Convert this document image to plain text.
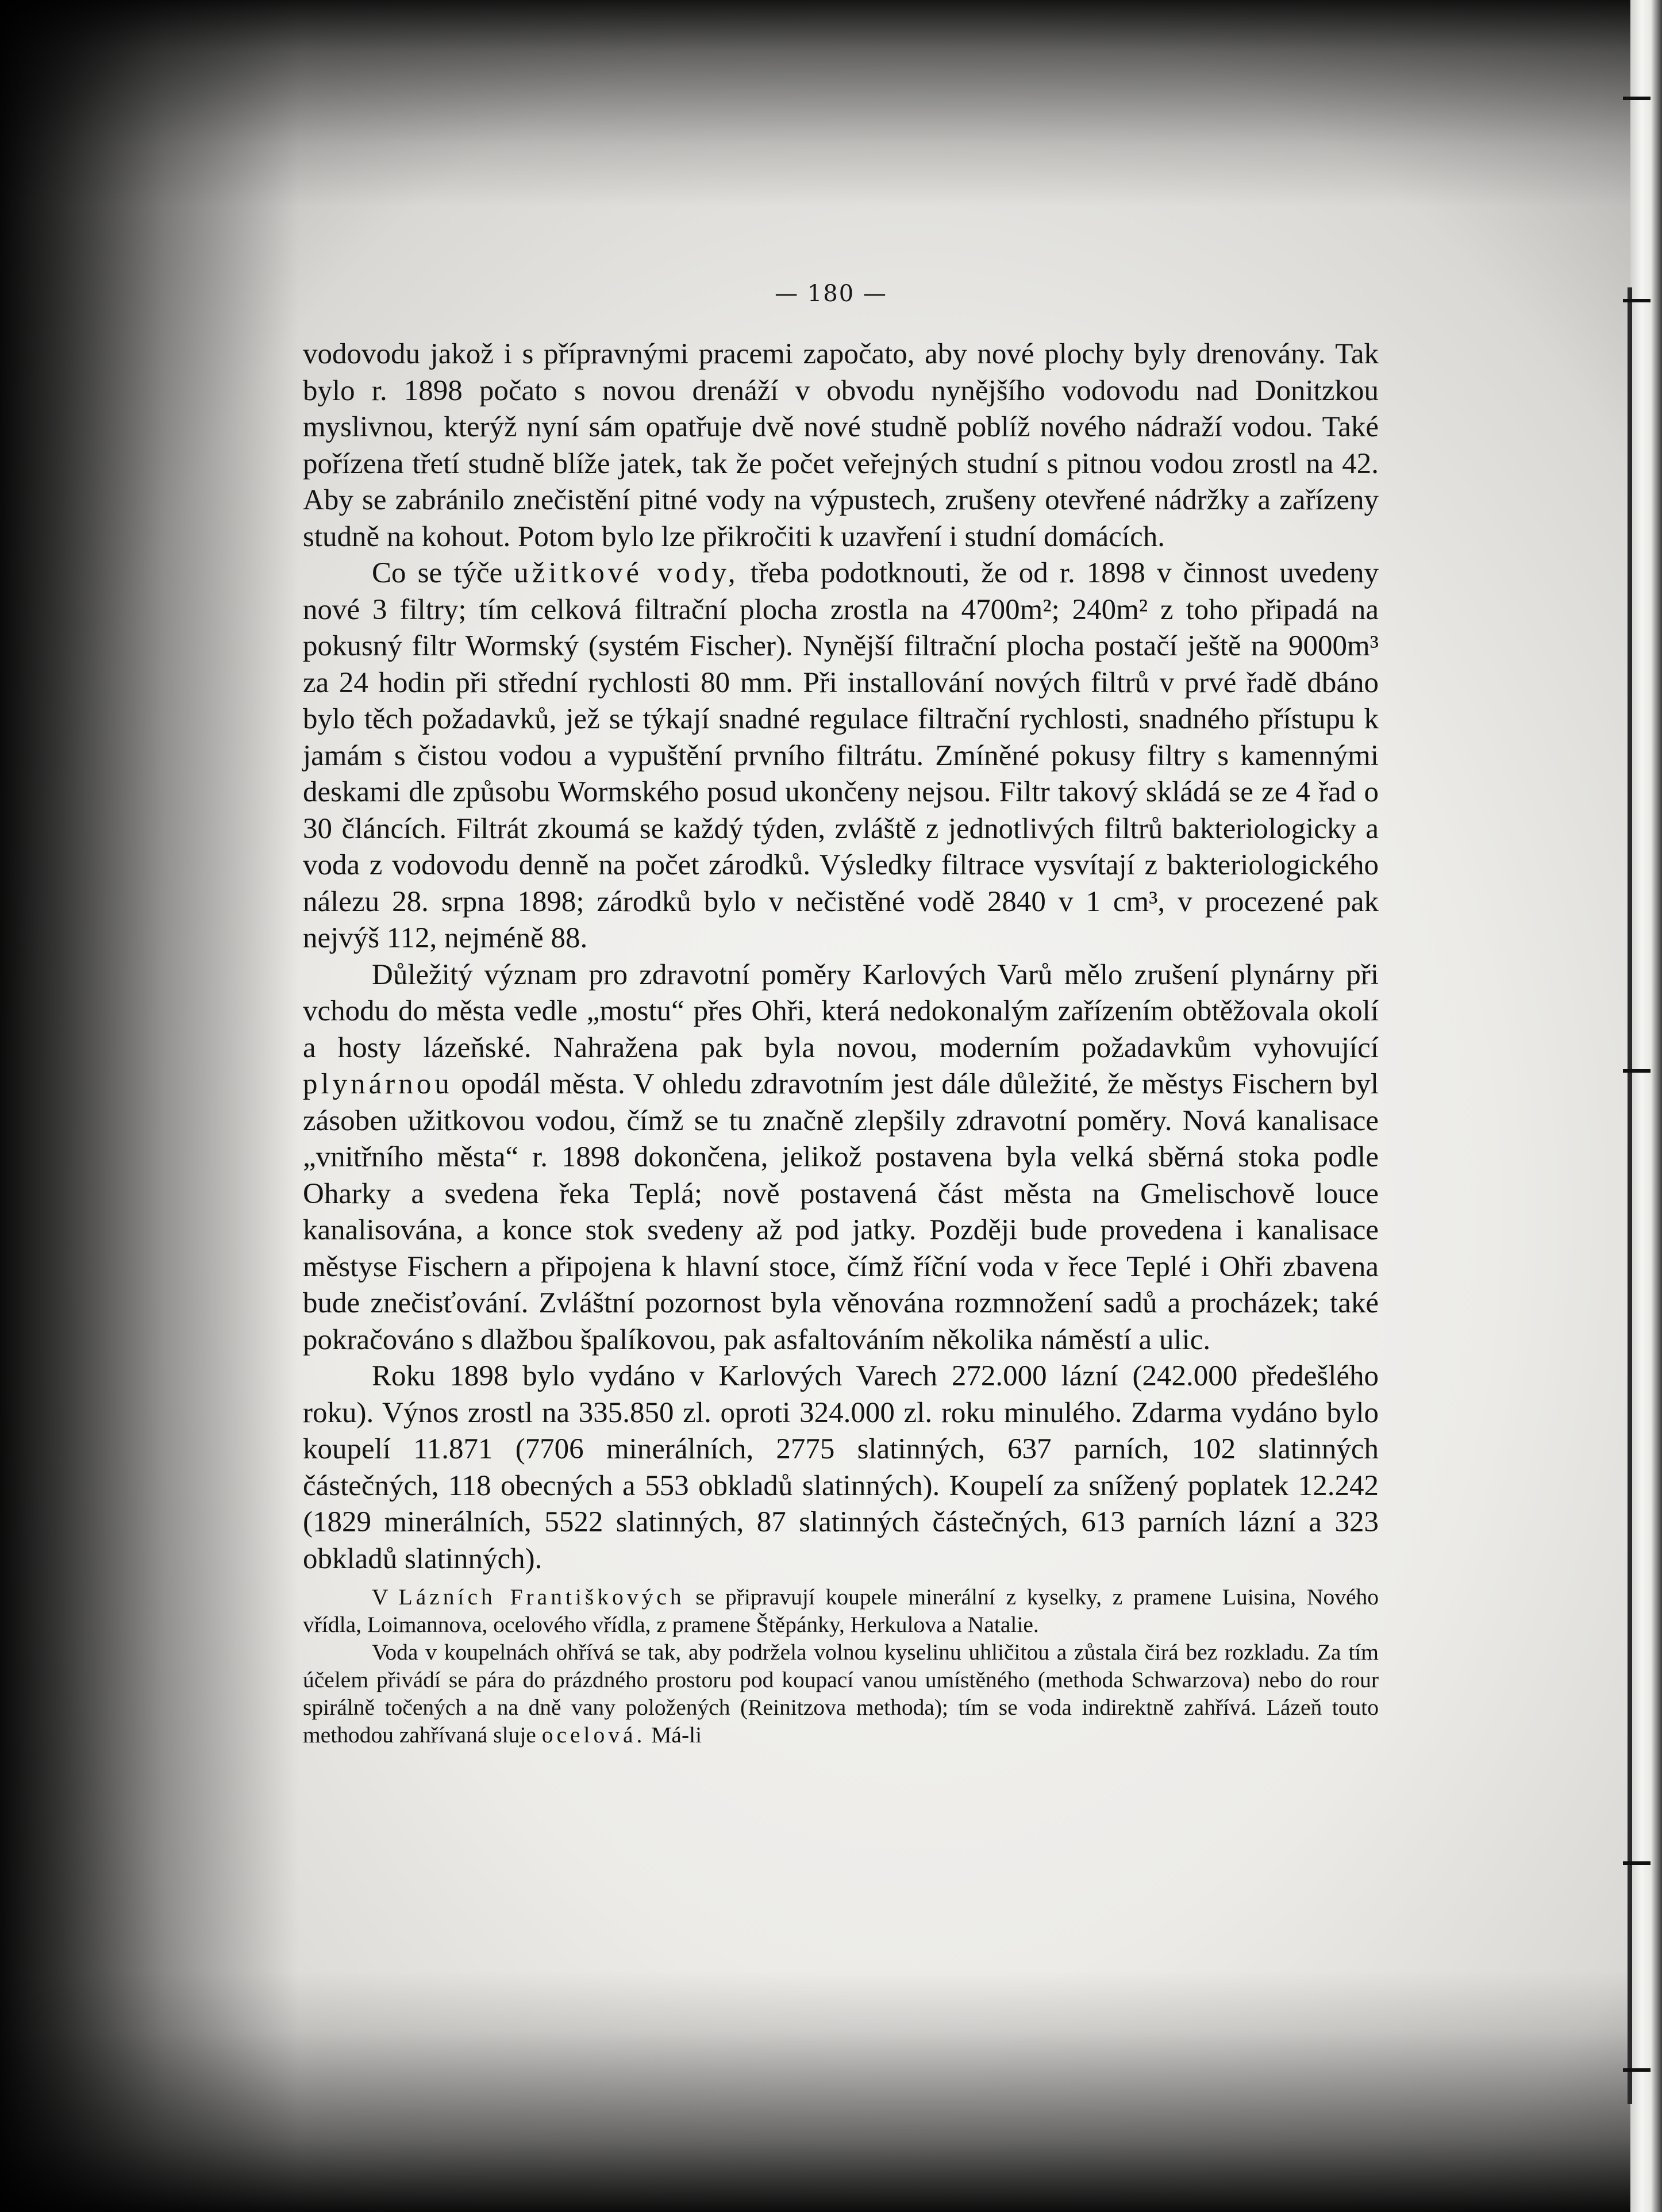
— 180 —

vodovodu jakož i s přípravnými pracemi započato, aby nové plochy byly drenovány. Tak bylo r. 1898 počato s novou drenáží v obvodu nynějšího vodovodu nad Donitzkou myslivnou, kterýž nyní sám opatřuje dvě nové studně poblíž nového nádraží vodou. Také pořízena třetí studně blíže jatek, tak že počet veřejných studní s pitnou vodou zrostl na 42. Aby se zabránilo znečistění pitné vody na výpustech, zrušeny otevřené nádržky a zařízeny studně na kohout. Potom bylo lze přikročiti k uzavření i studní domácích.

Co se týče užitkové vody, třeba podotknouti, že od r. 1898 v činnost uvedeny nové 3 filtry; tím celková filtrační plocha zrostla na 4700m²; 240m² z toho připadá na pokusný filtr Wormský (systém Fischer). Nynější filtrační plocha postačí ještě na 9000m³ za 24 hodin při střední rychlosti 80 mm. Při installování nových filtrů v prvé řadě dbáno bylo těch požadavků, jež se týkají snadné regulace filtrační rychlosti, snadného přístupu k jamám s čistou vodou a vypuštění prvního filtrátu. Zmíněné pokusy filtry s kamennými deskami dle způsobu Wormského posud ukončeny nejsou. Filtr takový skládá se ze 4 řad o 30 článcích. Filtrát zkoumá se každý týden, zvláště z jednotlivých filtrů bakteriologicky a voda z vodovodu denně na počet zárodků. Výsledky filtrace vysvítají z bakteriologického nálezu 28. srpna 1898; zárodků bylo v nečistěné vodě 2840 v 1 cm³, v procezené pak nejvýš 112, nejméně 88.

Důležitý význam pro zdravotní poměry Karlových Varů mělo zrušení plynárny při vchodu do města vedle „mostu“ přes Ohři, která nedokonalým zařízením obtěžovala okolí a hosty lázeňské. Nahražena pak byla novou, moderním požadavkům vyhovující plynárnou opodál města. V ohledu zdravotním jest dále důležité, že městys Fischern byl zásoben užitkovou vodou, čímž se tu značně zlepšily zdravotní poměry. Nová kanalisace „vnitřního města“ r. 1898 dokončena, jelikož postavena byla velká sběrná stoka podle Oharky a svedena řeka Teplá; nově postavená část města na Gmelischově louce kanalisována, a konce stok svedeny až pod jatky. Později bude provedena i kanalisace městyse Fischern a připojena k hlavní stoce, čímž říční voda v řece Teplé i Ohři zbavena bude znečisťování. Zvláštní pozornost byla věnována rozmnožení sadů a procházek; také pokračováno s dlažbou špalíkovou, pak asfaltováním několika náměstí a ulic.

Roku 1898 bylo vydáno v Karlových Varech 272.000 lázní (242.000 předešlého roku). Výnos zrostl na 335.850 zl. oproti 324.000 zl. roku minulého. Zdarma vydáno bylo koupelí 11.871 (7706 minerálních, 2775 slatinných, 637 parních, 102 slatinných částečných, 118 obecných a 553 obkladů slatinných). Koupelí za snížený poplatek 12.242 (1829 minerálních, 5522 slatinných, 87 slatinných částečných, 613 parních lázní a 323 obkladů slatinných).

V Lázních Františkových se připravují koupele minerální z kyselky, z pramene Luisina, Nového vřídla, Loimannova, ocelového vřídla, z pramene Štěpánky, Herkulova a Natalie.

Voda v koupelnách ohřívá se tak, aby podržela volnou kyselinu uhličitou a zůstala čirá bez rozkladu. Za tím účelem přivádí se pára do prázdného prostoru pod koupací vanou umístěného (methoda Schwarzova) nebo do rour spirálně točených a na dně vany položených (Reinitzova methoda); tím se voda indirektně zahřívá. Lázeň touto methodou zahřívaná sluje ocelová. Má-li
